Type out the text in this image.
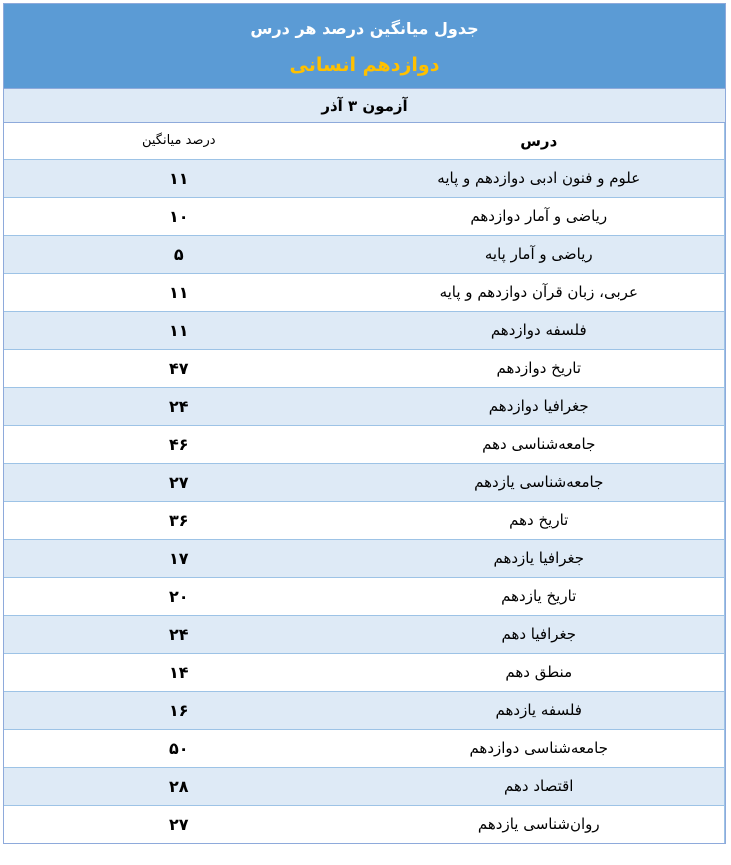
جدول میانگین درصد هر درس
دوازدهم انسانی
آزمون ۳ آذر
درصد میانگین	درس
۱۱	علوم و فنون ادبی دوازدهم و پایه
۱۰	ریاضی و آمار دوازدهم
۵	ریاضی و آمار پایه
۱۱	عربی، زبان قرآن دوازدهم و پایه
۱۱	فلسفه دوازدهم
۴۷	تاریخ دوازدهم
۲۴	جغرافیا دوازدهم
۴۶	جامعه‌شناسی دهم
۲۷	جامعه‌شناسی یازدهم
۳۶	تاریخ دهم
۱۷	جغرافیا یازدهم
۲۰	تاریخ یازدهم
۲۴	جغرافیا دهم
۱۴	منطق دهم
۱۶	فلسفه یازدهم
۵۰	جامعه‌شناسی دوازدهم
۲۸	اقتصاد دهم
۲۷	روان‌شناسی یازدهم
